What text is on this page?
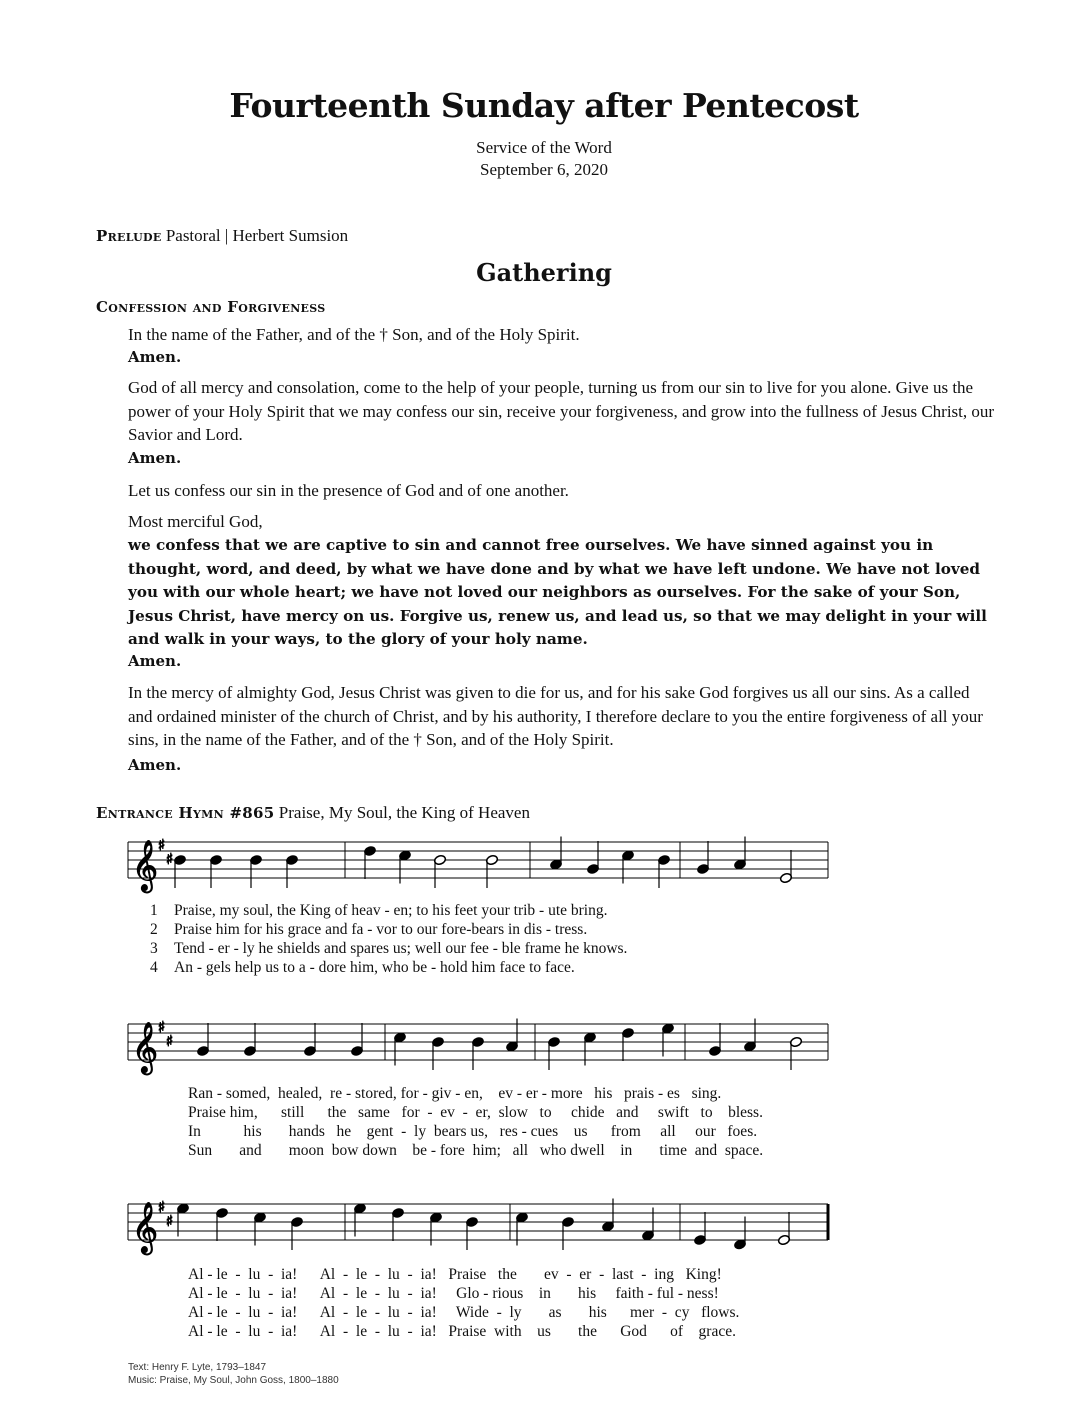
Fourteenth Sunday after Pentecost
Service of the Word
September 6, 2020
Prelude Pastoral | Herbert Sumsion
Gathering
Confession and Forgiveness
In the name of the Father, and of the † Son, and of the Holy Spirit.
Amen.
God of all mercy and consolation, come to the help of your people, turning us from our sin to live for you alone. Give us the power of your Holy Spirit that we may confess our sin, receive your forgiveness, and grow into the fullness of Jesus Christ, our Savior and Lord.
Amen.
Let us confess our sin in the presence of God and of one another.
Most merciful God,
we confess that we are captive to sin and cannot free ourselves. We have sinned against you in thought, word, and deed, by what we have done and by what we have left undone. We have not loved you with our whole heart; we have not loved our neighbors as ourselves. For the sake of your Son, Jesus Christ, have mercy on us. Forgive us, renew us, and lead us, so that we may delight in your will and walk in your ways, to the glory of your holy name.
Amen.
In the mercy of almighty God, Jesus Christ was given to die for us, and for his sake God forgives us all our sins. As a called and ordained minister of the church of Christ, and by his authority, I therefore declare to you the entire forgiveness of all your sins, in the name of the Father, and of the † Son, and of the Holy Spirit.
Amen.
Entrance Hymn #865 Praise, My Soul, the King of Heaven
𝄞 ♯
♯
𝄞 ♯
♯
𝄞 ♯
♯
1 Praise, my soul, the King of heav - en; to his feet your trib - ute bring.
2 Praise him for his grace and fa - vor to our fore-bears in dis - tress.
3 Tend - er - ly he shields and spares us; well our fee - ble frame he knows.
4 An - gels help us to a - dore him, who be - hold him face to face.
Ran - somed,  healed,  re - stored, for - giv - en,    ev - er - more   his   prais - es   sing.
Praise him,      still      the   same   for  -  ev  -  er,  slow   to     chide   and     swift   to    bless.
In           his       hands   he    gent  -  ly  bears us,   res - cues    us      from     all     our   foes.
Sun       and       moon  bow down    be - fore  him;   all   who dwell    in       time  and  space.
Al - le  -  lu  -  ia!      Al  -  le  -  lu  -  ia!   Praise   the       ev  -  er  -  last  -  ing   King!
Al - le  -  lu  -  ia!      Al  -  le  -  lu  -  ia!     Glo - rious    in       his     faith - ful - ness!
Al - le  -  lu  -  ia!      Al  -  le  -  lu  -  ia!     Wide  -  ly       as       his      mer  -  cy   flows.
Al - le  -  lu  -  ia!      Al  -  le  -  lu  -  ia!   Praise  with    us       the      God      of    grace.
Text: Henry F. Lyte, 1793–1847
Music: Praise, My Soul, John Goss, 1800–1880
